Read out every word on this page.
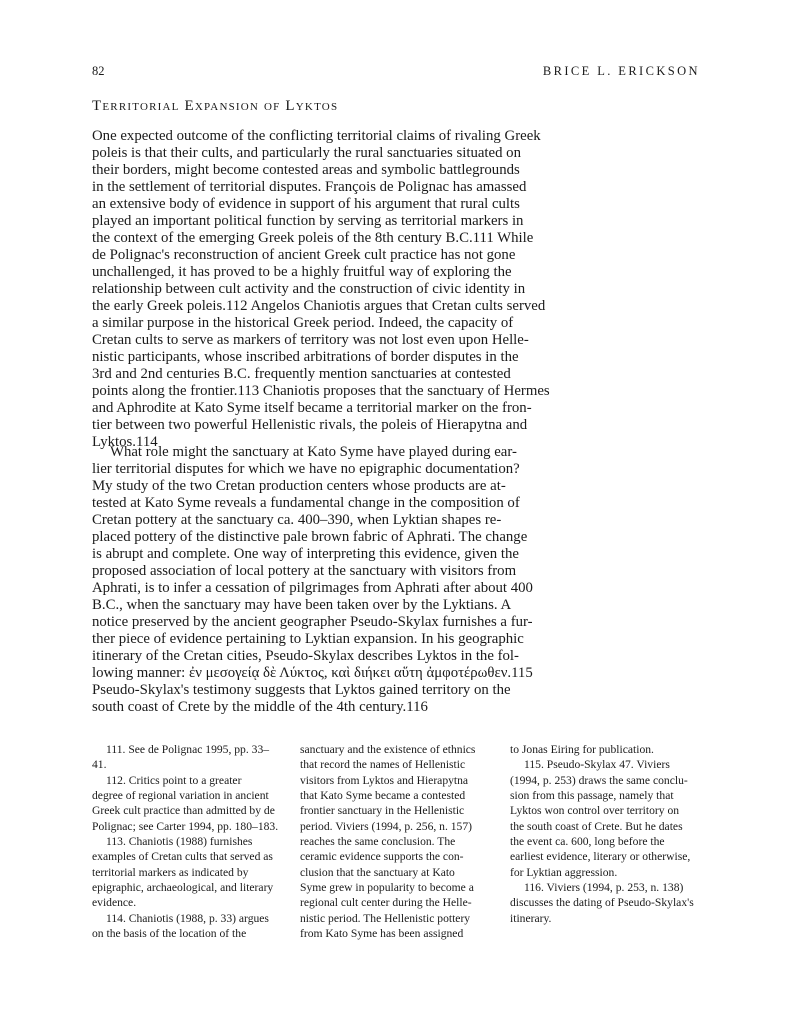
82	BRICE L. ERICKSON
Territorial Expansion of Lyktos
One expected outcome of the conflicting territorial claims of rivaling Greek
poleis is that their cults, and particularly the rural sanctuaries situated on
their borders, might become contested areas and symbolic battlegrounds
in the settlement of territorial disputes. François de Polignac has amassed
an extensive body of evidence in support of his argument that rural cults
played an important political function by serving as territorial markers in
the context of the emerging Greek poleis of the 8th century B.C.111 While
de Polignac's reconstruction of ancient Greek cult practice has not gone
unchallenged, it has proved to be a highly fruitful way of exploring the
relationship between cult activity and the construction of civic identity in
the early Greek poleis.112 Angelos Chaniotis argues that Cretan cults served
a similar purpose in the historical Greek period. Indeed, the capacity of
Cretan cults to serve as markers of territory was not lost even upon Helle-
nistic participants, whose inscribed arbitrations of border disputes in the
3rd and 2nd centuries B.C. frequently mention sanctuaries at contested
points along the frontier.113 Chaniotis proposes that the sanctuary of Hermes
and Aphrodite at Kato Syme itself became a territorial marker on the fron-
tier between two powerful Hellenistic rivals, the poleis of Hierapytna and
Lyktos.114
What role might the sanctuary at Kato Syme have played during ear-
lier territorial disputes for which we have no epigraphic documentation?
My study of the two Cretan production centers whose products are at-
tested at Kato Syme reveals a fundamental change in the composition of
Cretan pottery at the sanctuary ca. 400–390, when Lyktian shapes re-
placed pottery of the distinctive pale brown fabric of Aphrati. The change
is abrupt and complete. One way of interpreting this evidence, given the
proposed association of local pottery at the sanctuary with visitors from
Aphrati, is to infer a cessation of pilgrimages from Aphrati after about 400
B.C., when the sanctuary may have been taken over by the Lyktians. A
notice preserved by the ancient geographer Pseudo-Skylax furnishes a fur-
ther piece of evidence pertaining to Lyktian expansion. In his geographic
itinerary of the Cretan cities, Pseudo-Skylax describes Lyktos in the fol-
lowing manner: ἐν μεσογείᾳ δὲ Λύκτος, καὶ διήκει αὕτη ἀμφοτέρωθεν.115
Pseudo-Skylax's testimony suggests that Lyktos gained territory on the
south coast of Crete by the middle of the 4th century.116
111. See de Polignac 1995, pp. 33–
41.
112. Critics point to a greater
degree of regional variation in ancient
Greek cult practice than admitted by de
Polignac; see Carter 1994, pp. 180–183.
113. Chaniotis (1988) furnishes
examples of Cretan cults that served as
territorial markers as indicated by
epigraphic, archaeological, and literary
evidence.
114. Chaniotis (1988, p. 33) argues
on the basis of the location of the
sanctuary and the existence of ethnics
that record the names of Hellenistic
visitors from Lyktos and Hierapytna
that Kato Syme became a contested
frontier sanctuary in the Hellenistic
period. Viviers (1994, p. 256, n. 157)
reaches the same conclusion. The
ceramic evidence supports the con-
clusion that the sanctuary at Kato
Syme grew in popularity to become a
regional cult center during the Helle-
nistic period. The Hellenistic pottery
from Kato Syme has been assigned
to Jonas Eiring for publication.
115. Pseudo-Skylax 47. Viviers
(1994, p. 253) draws the same conclu-
sion from this passage, namely that
Lyktos won control over territory on
the south coast of Crete. But he dates
the event ca. 600, long before the
earliest evidence, literary or otherwise,
for Lyktian aggression.
116. Viviers (1994, p. 253, n. 138)
discusses the dating of Pseudo-Skylax's
itinerary.
